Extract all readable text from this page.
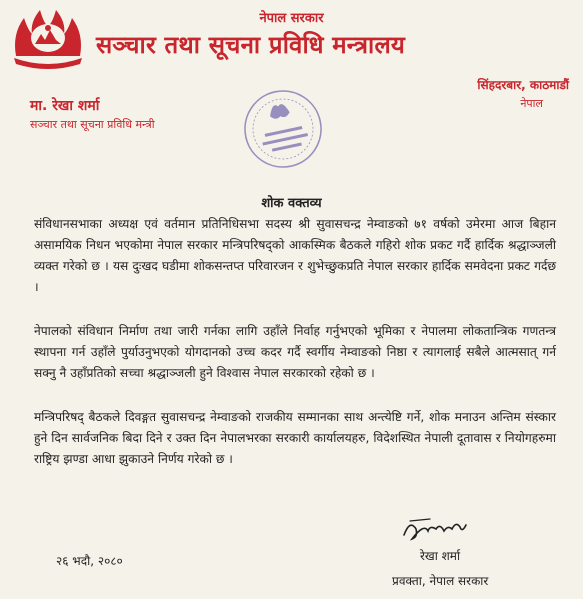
नेपाल सरकार
सञ्चार तथा सूचना प्रविधि मन्त्रालय
मा. रेखा शर्मा
सञ्चार तथा सूचना प्रविधि मन्त्री
सिंहदरबार, काठमाडौं
नेपाल
शोक वक्तव्य

संविधानसभाका अध्यक्ष एवं वर्तमान प्रतिनिधिसभा सदस्य श्री सुवासचन्द्र नेम्वाङको ७१ वर्षको उमेरमा आज बिहान असामयिक निधन भएकोमा नेपाल सरकार मन्त्रिपरिषद्को आकस्मिक बैठकले गहिरो शोक प्रकट गर्दै हार्दिक श्रद्धाञ्जली व्यक्त गरेको छ । यस दुःखद घडीमा शोकसन्तप्त परिवारजन र शुभेच्छुकप्रति नेपाल सरकार हार्दिक समवेदना प्रकट गर्दछ ।

नेपालको संविधान निर्माण तथा जारी गर्नका लागि उहाँले निर्वाह गर्नुभएको भूमिका र नेपालमा लोकतान्त्रिक गणतन्त्र स्थापना गर्न उहाँले पुर्याउनुभएको योगदानको उच्च कदर गर्दै स्वर्गीय नेम्वाङको निष्ठा र त्यागलाई सबैले आत्मसात् गर्न सक्नु नै उहाँप्रतिको सच्चा श्रद्धाञ्जली हुने विश्वास नेपाल सरकारको रहेको छ ।

मन्त्रिपरिषद् बैठकले दिवङ्गत सुवासचन्द्र नेम्वाङको राजकीय सम्मानका साथ अन्त्येष्टि गर्ने, शोक मनाउन अन्तिम संस्कार हुने दिन सार्वजनिक बिदा दिने र उक्त दिन नेपालभरका सरकारी कार्यालयहरु, विदेशस्थित नेपाली दूतावास र नियोगहरुमा राष्ट्रिय झण्डा आधा झुकाउने निर्णय गरेको छ ।

रेखा शर्मा
प्रवक्ता, नेपाल सरकार
२६ भदौ, २०८०
